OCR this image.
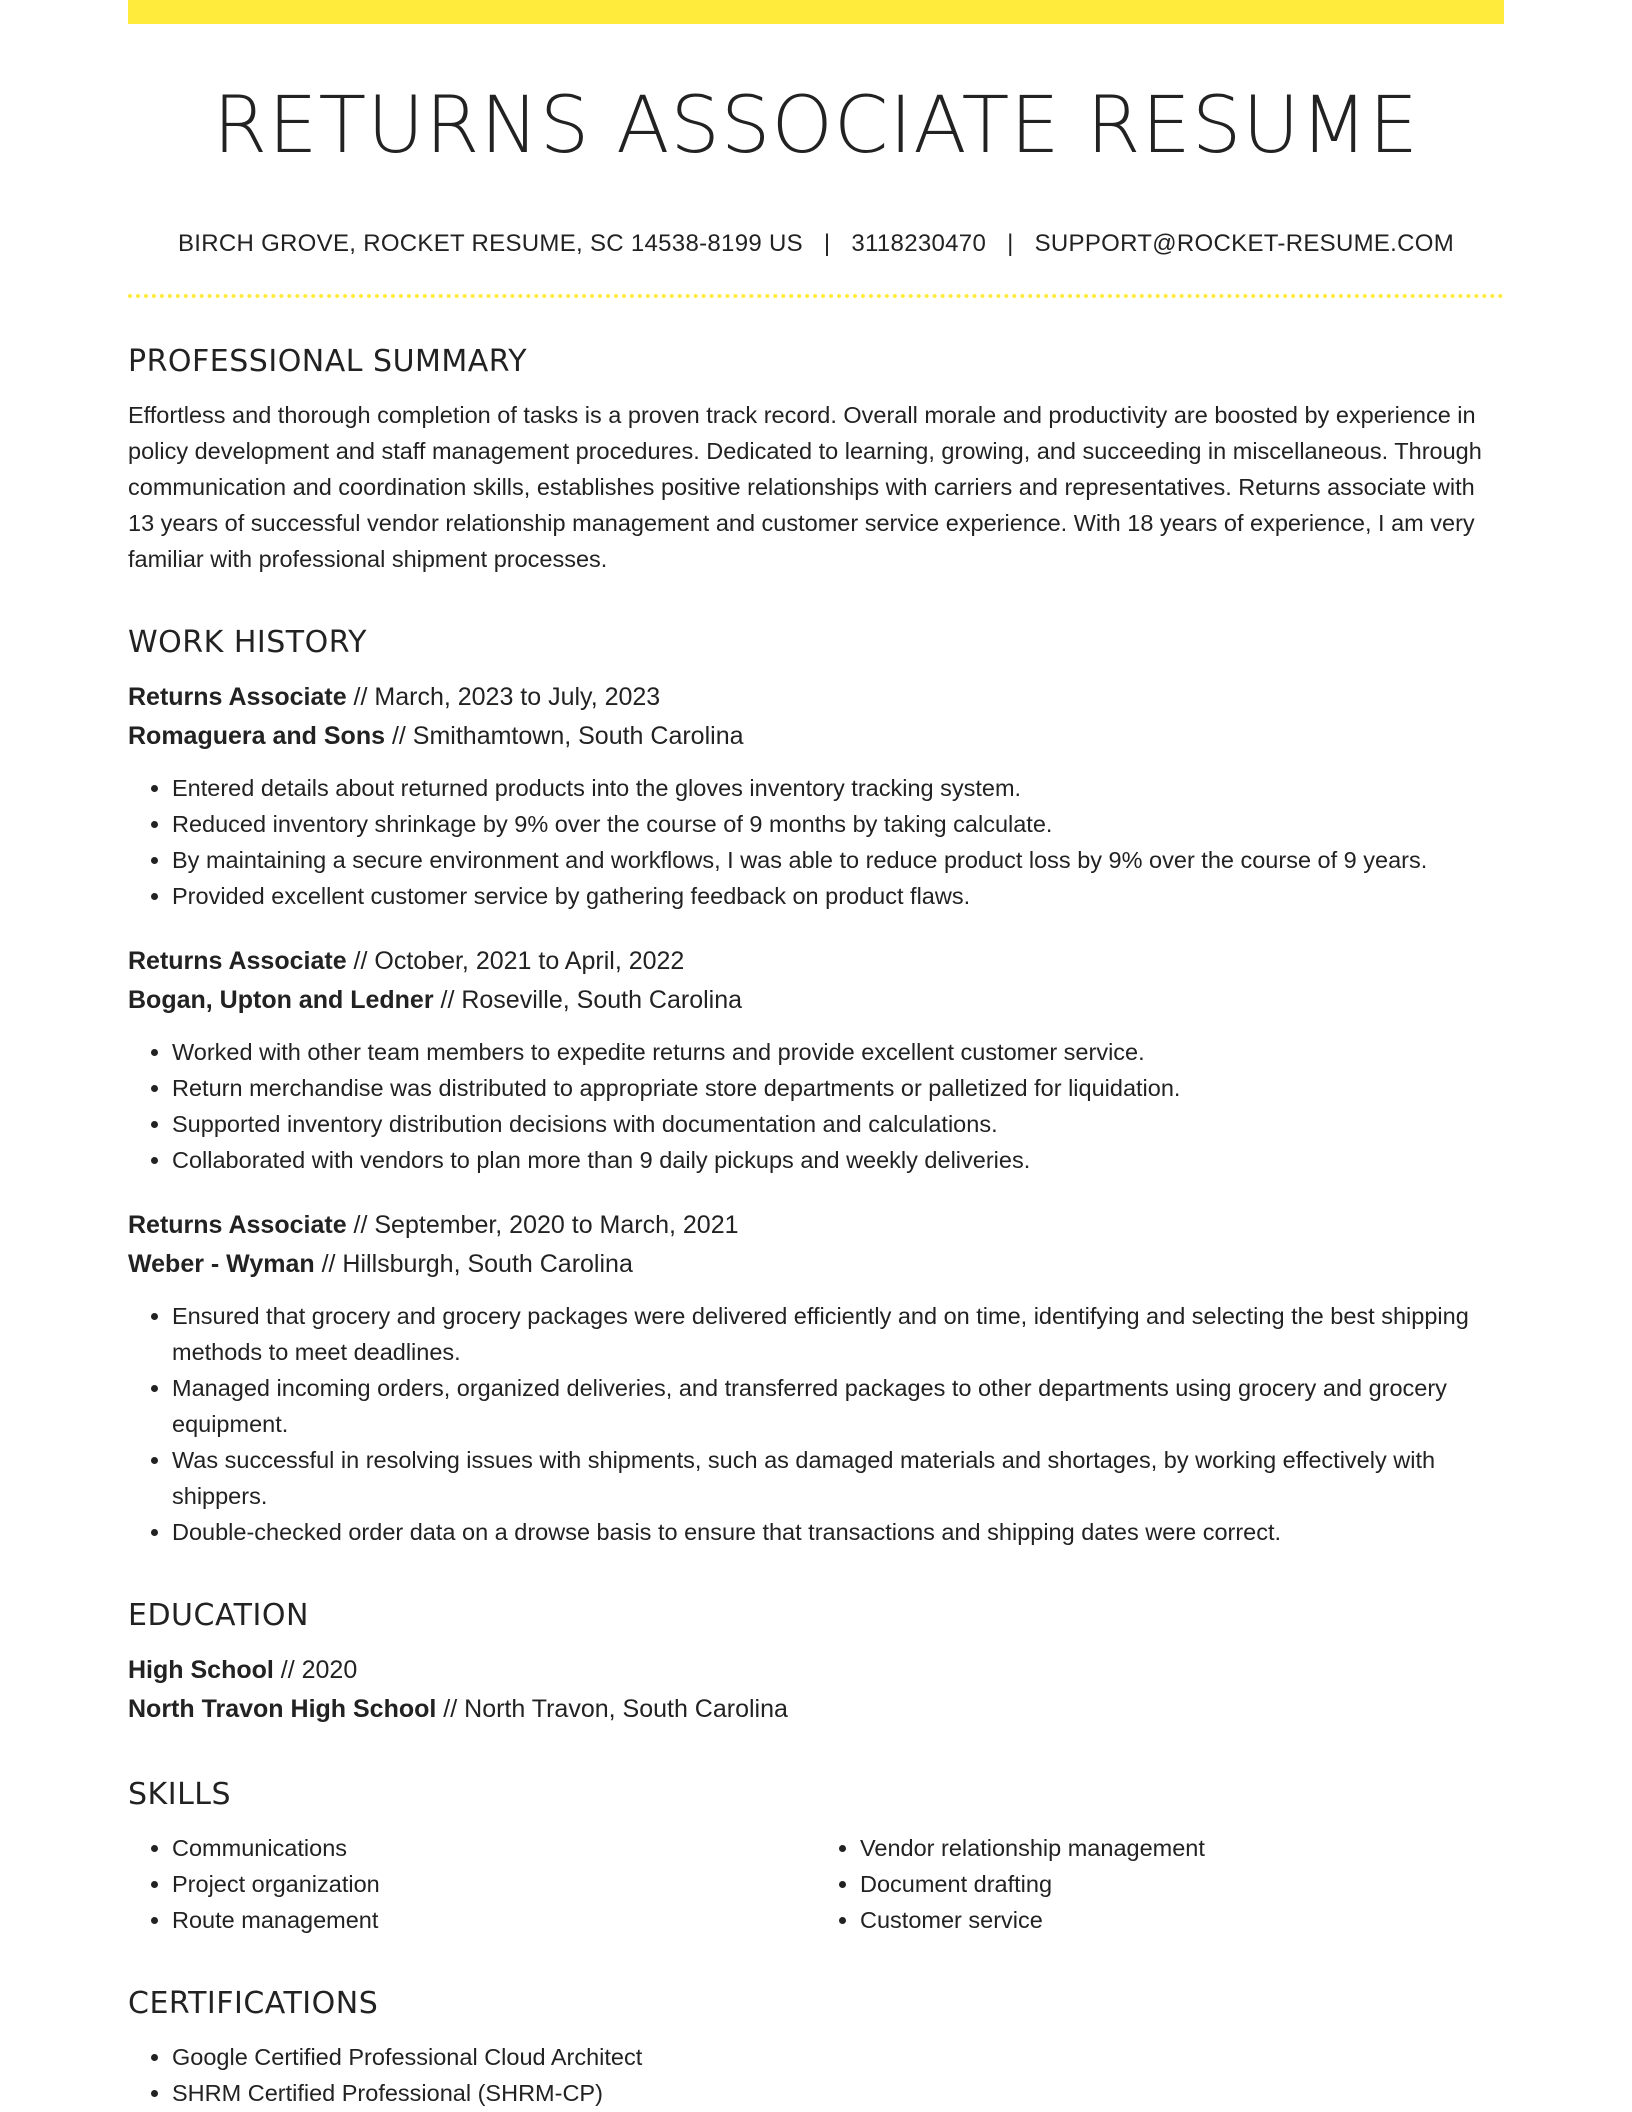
RETURNS ASSOCIATE RESUME
BIRCH GROVE, ROCKET RESUME, SC 14538-8199 US | 3118230470 | SUPPORT@ROCKET-RESUME.COM
PROFESSIONAL SUMMARY

Effortless and thorough completion of tasks is a proven track record. Overall morale and productivity are boosted by experience in policy development and staff management procedures. Dedicated to learning, growing, and succeeding in miscellaneous. Through communication and coordination skills, establishes positive relationships with carriers and representatives. Returns associate with 13 years of successful vendor relationship management and customer service experience. With 18 years of experience, I am very familiar with professional shipment processes.

WORK HISTORY
Returns Associate // March, 2023 to July, 2023
Romaguera and Sons // Smithamtown, South Carolina
• Entered details about returned products into the gloves inventory tracking system.
• Reduced inventory shrinkage by 9% over the course of 9 months by taking calculate.
• By maintaining a secure environment and workflows, I was able to reduce product loss by 9% over the course of 9 years.
• Provided excellent customer service by gathering feedback on product flaws.
Returns Associate // October, 2021 to April, 2022
Bogan, Upton and Ledner // Roseville, South Carolina
• Worked with other team members to expedite returns and provide excellent customer service.
• Return merchandise was distributed to appropriate store departments or palletized for liquidation.
• Supported inventory distribution decisions with documentation and calculations.
• Collaborated with vendors to plan more than 9 daily pickups and weekly deliveries.
Returns Associate // September, 2020 to March, 2021
Weber - Wyman // Hillsburgh, South Carolina
• Ensured that grocery and grocery packages were delivered efficiently and on time, identifying and selecting the best shipping methods to meet deadlines.
• Managed incoming orders, organized deliveries, and transferred packages to other departments using grocery and grocery equipment.
• Was successful in resolving issues with shipments, such as damaged materials and shortages, by working effectively with shippers.
• Double-checked order data on a drowse basis to ensure that transactions and shipping dates were correct.
EDUCATION
High School // 2020
North Travon High School // North Travon, South Carolina
SKILLS
• Communications
• Project organization
• Route management
• Vendor relationship management
• Document drafting
• Customer service
CERTIFICATIONS
• Google Certified Professional Cloud Architect
• SHRM Certified Professional (SHRM-CP)
